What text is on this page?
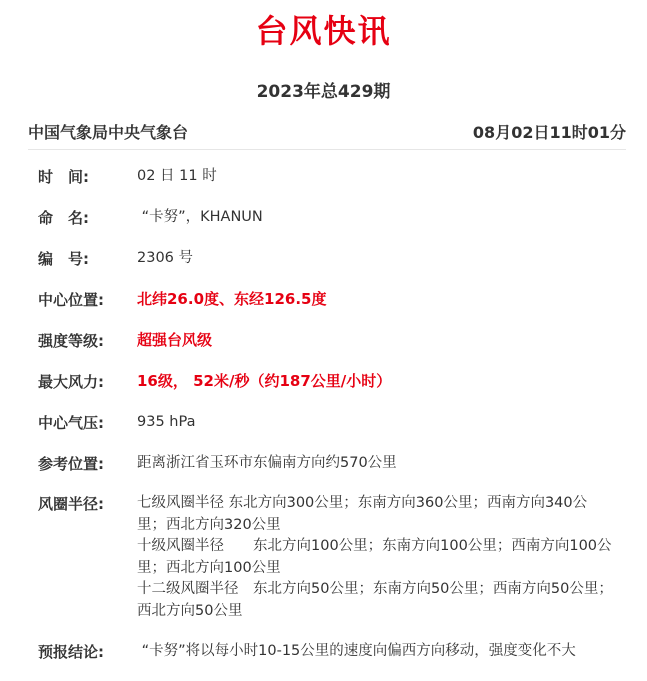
台风快讯
2023年总429期
中国气象局中央气象台	08月02日11时01分
时　间:	02 日 11 时
命　名:	“卡努”，KHANUN
编　号:	2306 号
中心位置:	北纬26.0度、东经126.5度
强度等级:	超强台风级
最大风力:	16级， 52米/秒（约187公里/小时）
中心气压:	935 hPa
参考位置:	距离浙江省玉环市东偏南方向约570公里
风圈半径:	七级风圈半径 东北方向300公里；东南方向360公里；西南方向340公里；西北方向320公里
十级风圈半径　　东北方向100公里；东南方向100公里；西南方向100公里；西北方向100公里
十二级风圈半径　东北方向50公里；东南方向50公里；西南方向50公里；西北方向50公里
预报结论:	“卡努”将以每小时10-15公里的速度向偏西方向移动，强度变化不大
